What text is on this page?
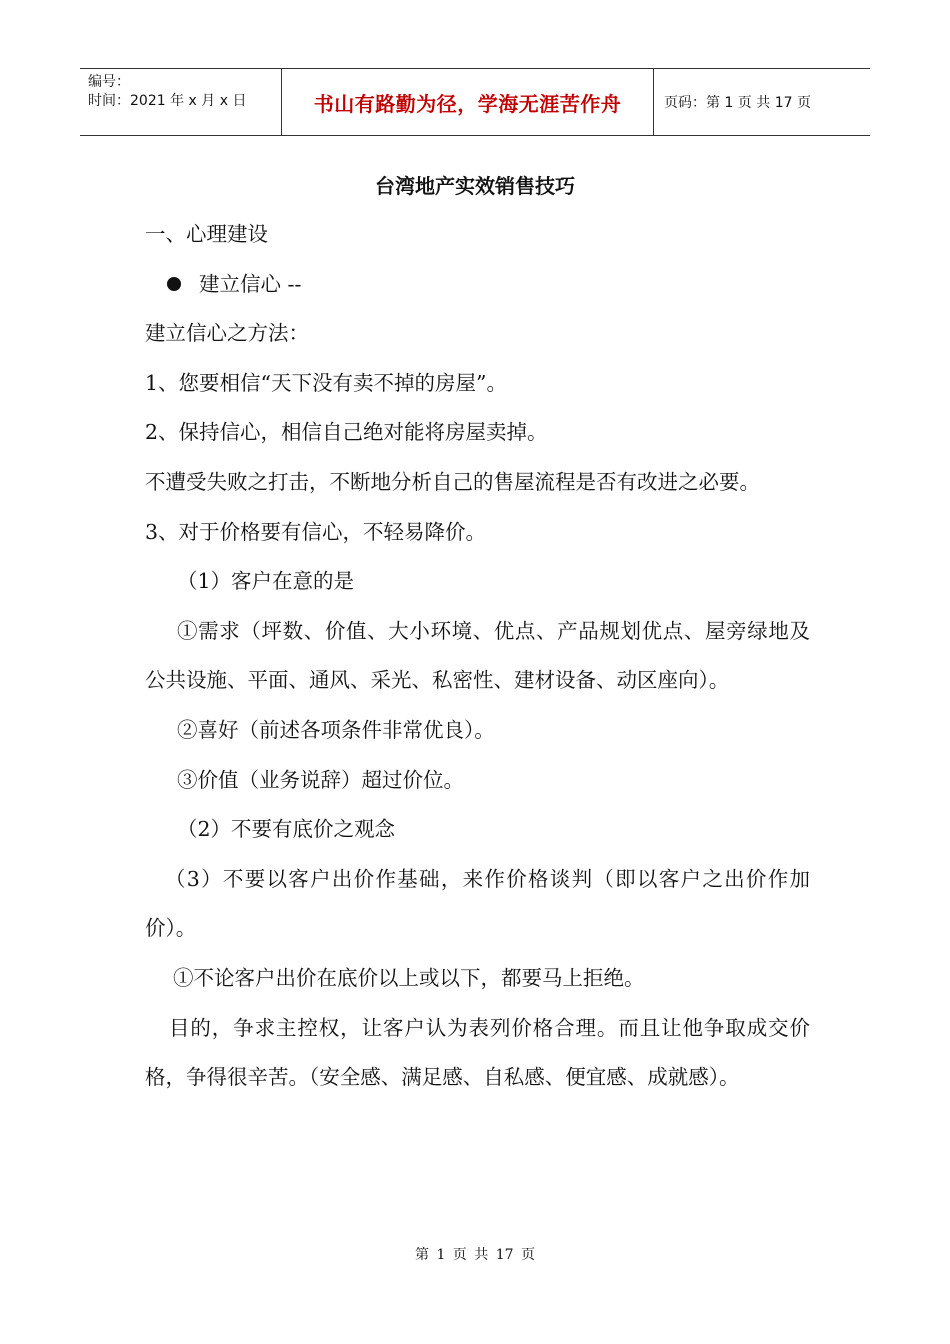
编号：
时间：2021 年 x 月 x 日	书山有路勤为径，学海无涯苦作舟	页码：第 1 页 共 17 页
台湾地产实效销售技巧

一、心理建设

建立信心 --

建立信心之方法：

1、您要相信“天下没有卖不掉的房屋”。

2、保持信心，相信自己绝对能将房屋卖掉。

不遭受失败之打击，不断地分析自己的售屋流程是否有改进之必要。

3、对于价格要有信心，不轻易降价。

（1）客户在意的是

①需求（坪数、价值、大小环境、优点、产品规划优点、屋旁绿地及公共设施、平面、通风、采光、私密性、建材设备、动区座向）。

②喜好（前述各项条件非常优良）。

③价值（业务说辞）超过价位。

（2）不要有底价之观念

（3）不要以客户出价作基础，来作价格谈判（即以客户之出价作加价）。

①不论客户出价在底价以上或以下，都要马上拒绝。

目的，争求主控权，让客户认为表列价格合理。而且让他争取成交价格，争得很辛苦。（安全感、满足感、自私感、便宜感、成就感）。

第 1 页 共 17 页
